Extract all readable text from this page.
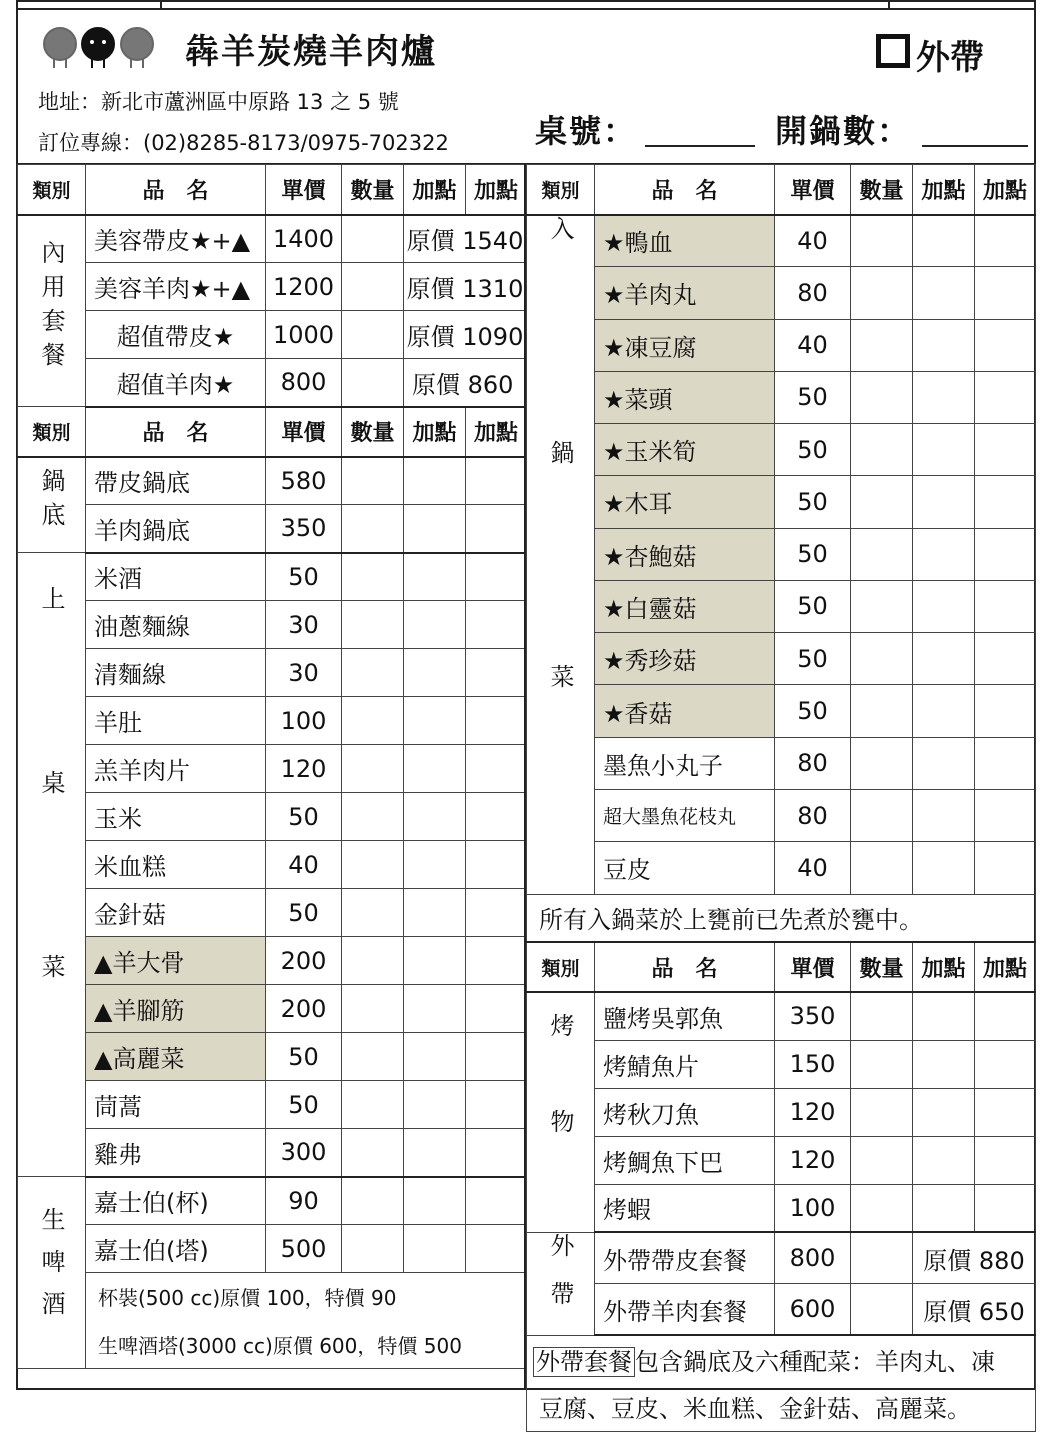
犇羊炭燒羊肉爐	外帶
地址：新北市蘆洲區中原路 13 之 5 號
訂位專線：(02)8285-8173/0975-702322	桌號：	開鍋數：
類別	品　名	單價	數量	加點	加點
內用套餐	美容帶皮★+▲	1400		原價 1540	
	美容羊肉★+▲	1200		原價 1310	
	超值帶皮★	1000		原價 1090	
	超值羊肉★	800		原價 860	
類別	品　名	單價	數量	加點	加點
鍋底	帶皮鍋底	580			
	羊肉鍋底	350			
上桌菜	米酒	50			
	油蔥麵線	30			
	清麵線	30			
	羊肚	100			
	羔羊肉片	120			
	玉米	50			
	米血糕	40			
	金針菇	50			
	▲羊大骨	200			
	▲羊腳筋	200			
	▲高麗菜	50			
	茼蒿	50			
	雞弗	300			
生啤酒	嘉士伯(杯)	90			
	嘉士伯(塔)	500			
	杯裝(500 cc)原價 100，特價 90				
	生啤酒塔(3000 cc)原價 600，特價 500				
類別	品　名	單價	數量	加點	加點
入鍋菜	★鴨血	40			
	★羊肉丸	80			
	★凍豆腐	40			
	★菜頭	50			
	★玉米筍	50			
	★木耳	50			
	★杏鮑菇	50			
	★白靈菇	50			
	★秀珍菇	50			
	★香菇	50			
	墨魚小丸子	80			
	超大墨魚花枝丸	80			
	豆皮	40			
所有入鍋菜於上甕前已先煮於甕中。					
類別	品　名	單價	數量	加點	加點
烤物	鹽烤吳郭魚	350			
	烤鯖魚片	150			
	烤秋刀魚	120			
	烤鯛魚下巴	120			
	烤蝦	100			
外帶	外帶帶皮套餐	800		原價 880	
	外帶羊肉套餐	600		原價 650	
外帶套餐 包含鍋底及六種配菜：羊肉丸、凍					
豆腐、豆皮、米血糕、金針菇、高麗菜。					
